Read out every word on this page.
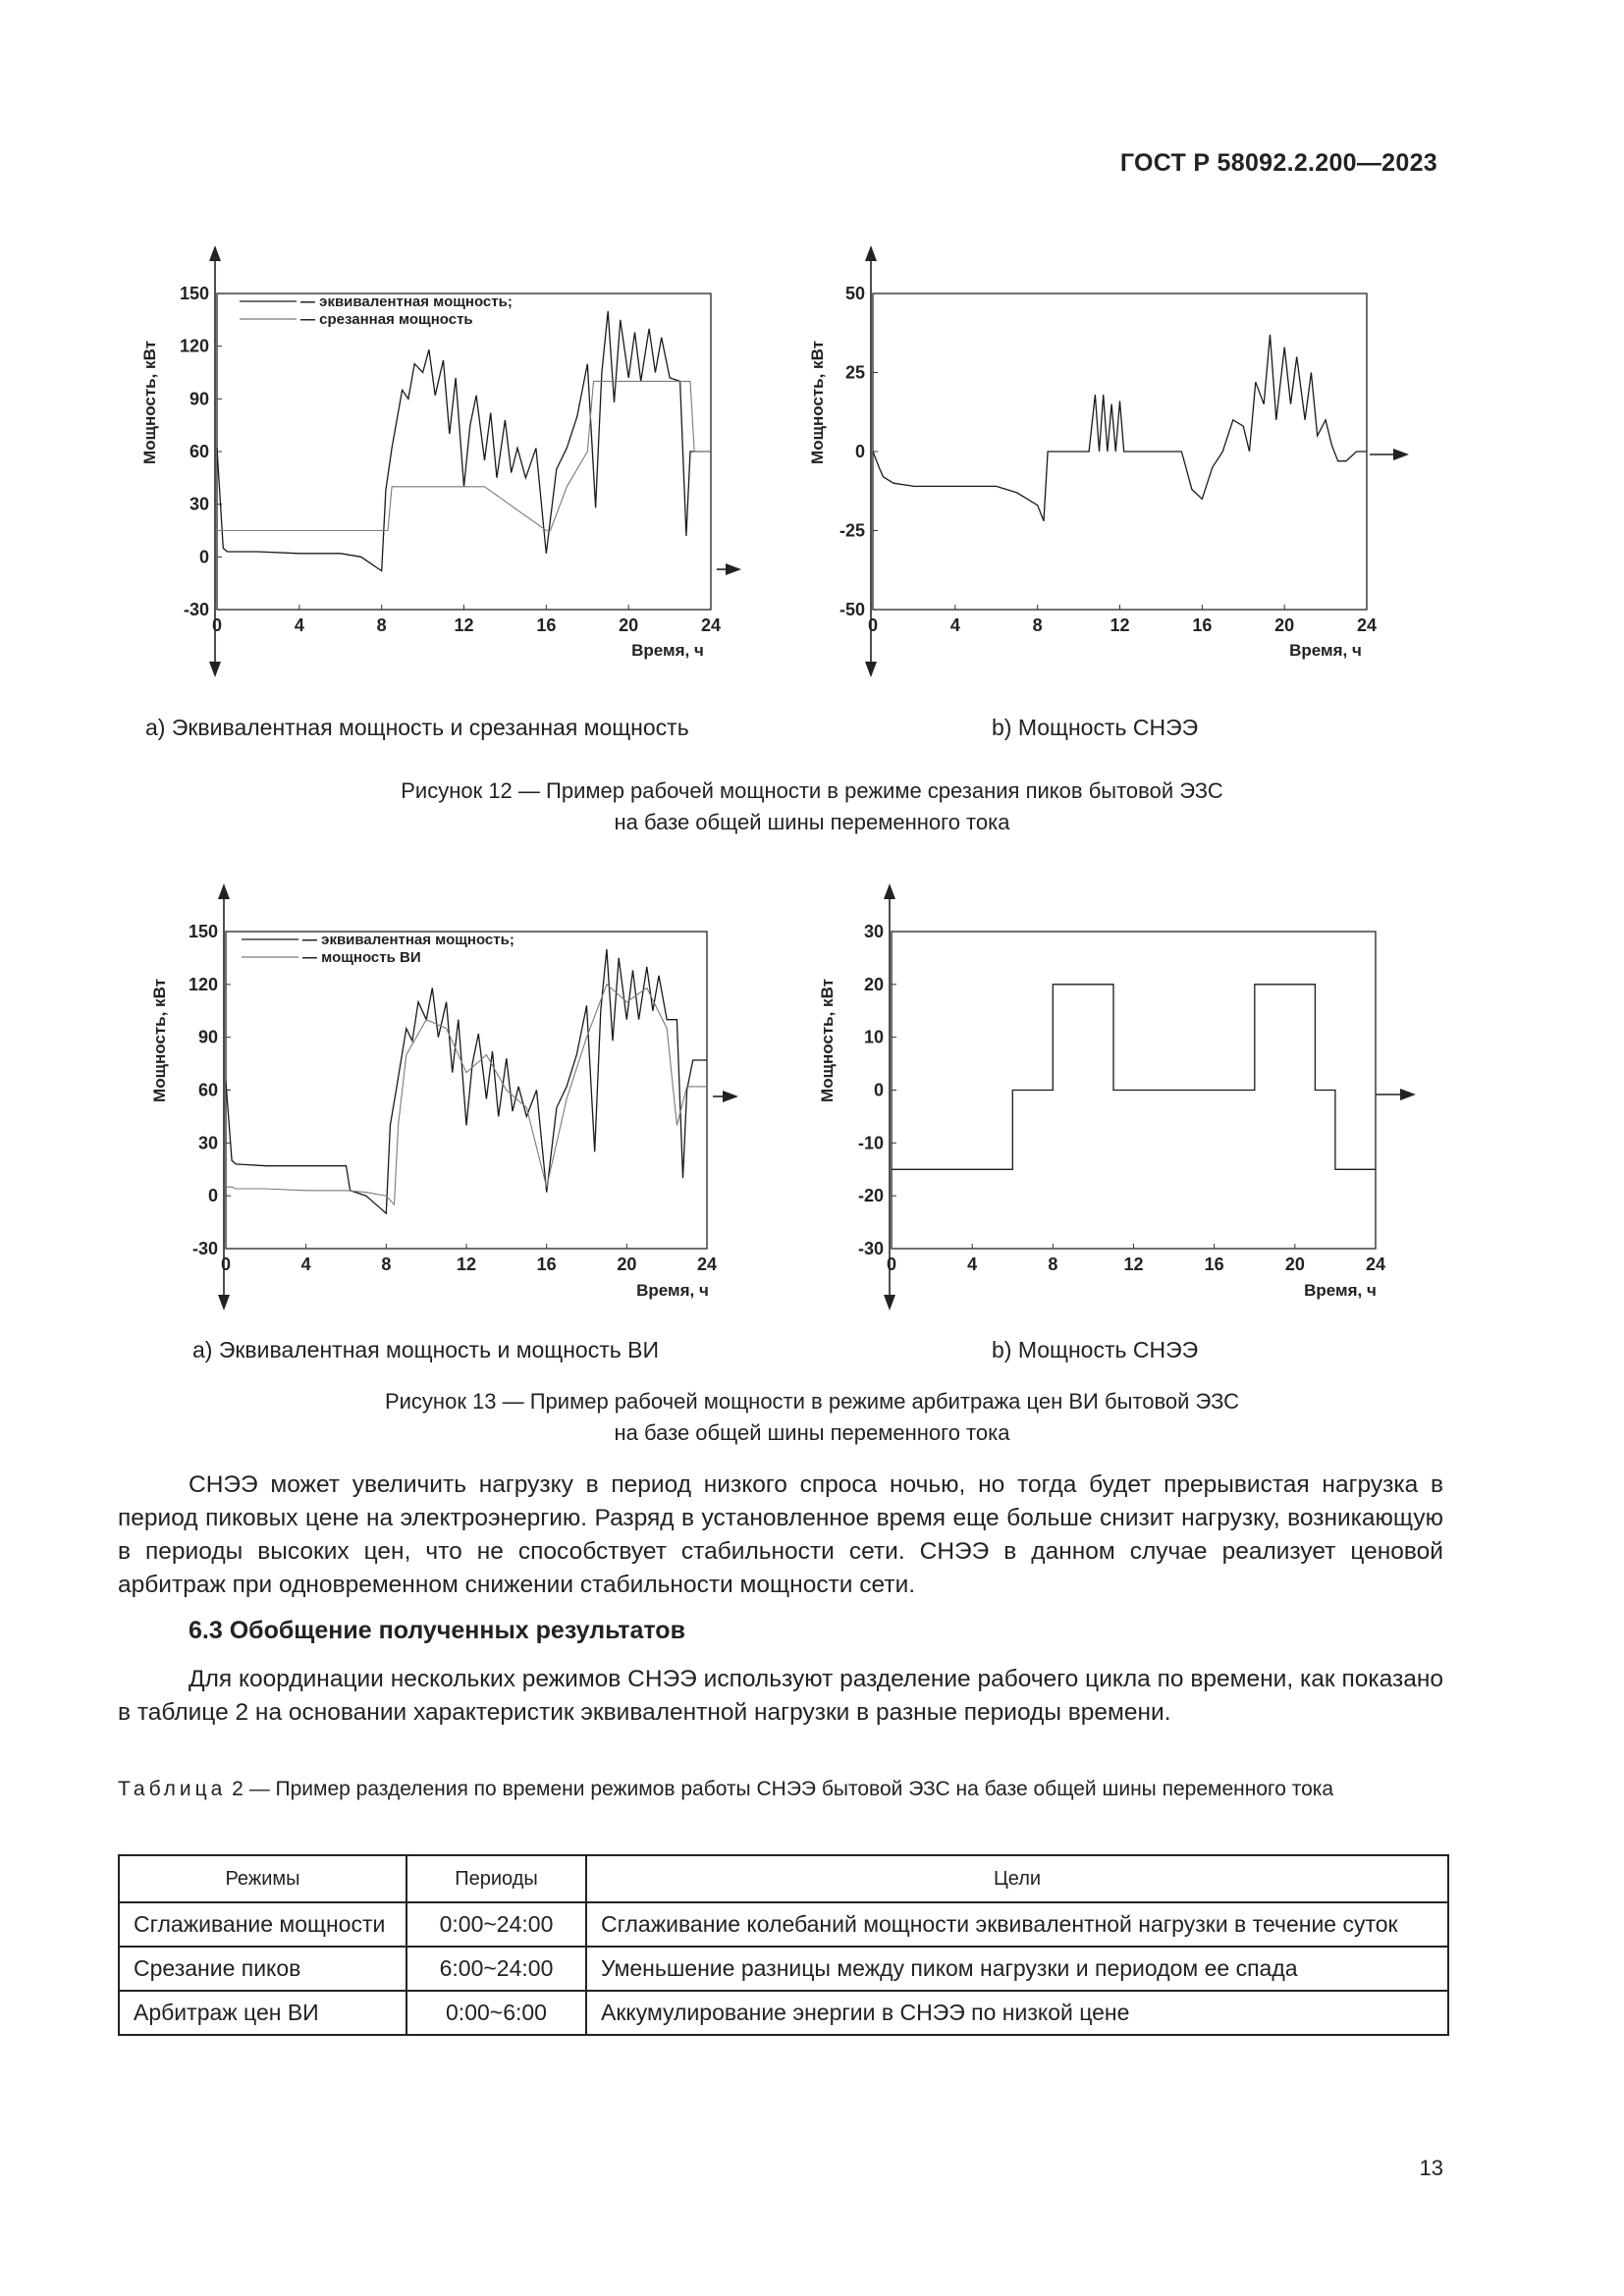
ГОСТ Р 58092.2.200—2023
150
120
90
60
30
0
-30
0	4	8	12	16	20	24
Время, ч
Мощность, кВт
— эквивалентная мощность;
— срезанная мощность
50
25
0
-25
-50
0	4	8	12	16	20	24
Время, ч
Мощность, кВт
a) Эквивалентная мощность и срезанная мощность	b) Мощность СНЭЭ
Рисунок 12 — Пример рабочей мощности в режиме срезания пиков бытовой ЭЗС
на базе общей шины переменного тока
150
120
90
60
30
0
-30
0	4	8	12	16	20	24
Время, ч
Мощность, кВт
— эквивалентная мощность;
— мощность ВИ
30
20
10
0
-10
-20
-30
0	4	8	12	16	20	24
Время, ч
Мощность, кВт
a) Эквивалентная мощность и мощность ВИ	b) Мощность СНЭЭ
Рисунок 13 — Пример рабочей мощности в режиме арбитража цен ВИ бытовой ЭЗС
на базе общей шины переменного тока

СНЭЭ может увеличить нагрузку в период низкого спроса ночью, но тогда будет прерывистая нагрузка в период пиковых цене на электроэнергию. Разряд в установленное время еще больше снизит нагрузку, возникающую в периоды высоких цен, что не способствует стабильности сети. СНЭЭ в данном случае реализует ценовой арбитраж при одновременном снижении стабильности мощности сети.

6.3 Обобщение полученных результатов

Для координации нескольких режимов СНЭЭ используют разделение рабочего цикла по времени, как показано в таблице 2 на основании характеристик эквивалентной нагрузки в разные периоды времени.

Таблица 2 — Пример разделения по времени режимов работы СНЭЭ бытовой ЭЗС на базе общей шины переменного тока
Режимы	Периоды	Цели
Сглаживание мощности	0:00~24:00	Сглаживание колебаний мощности эквивалентной нагрузки в течение суток
Срезание пиков	6:00~24:00	Уменьшение разницы между пиком нагрузки и периодом ее спада
Арбитраж цен ВИ	0:00~6:00	Аккумулирование энергии в СНЭЭ по низкой цене
13
